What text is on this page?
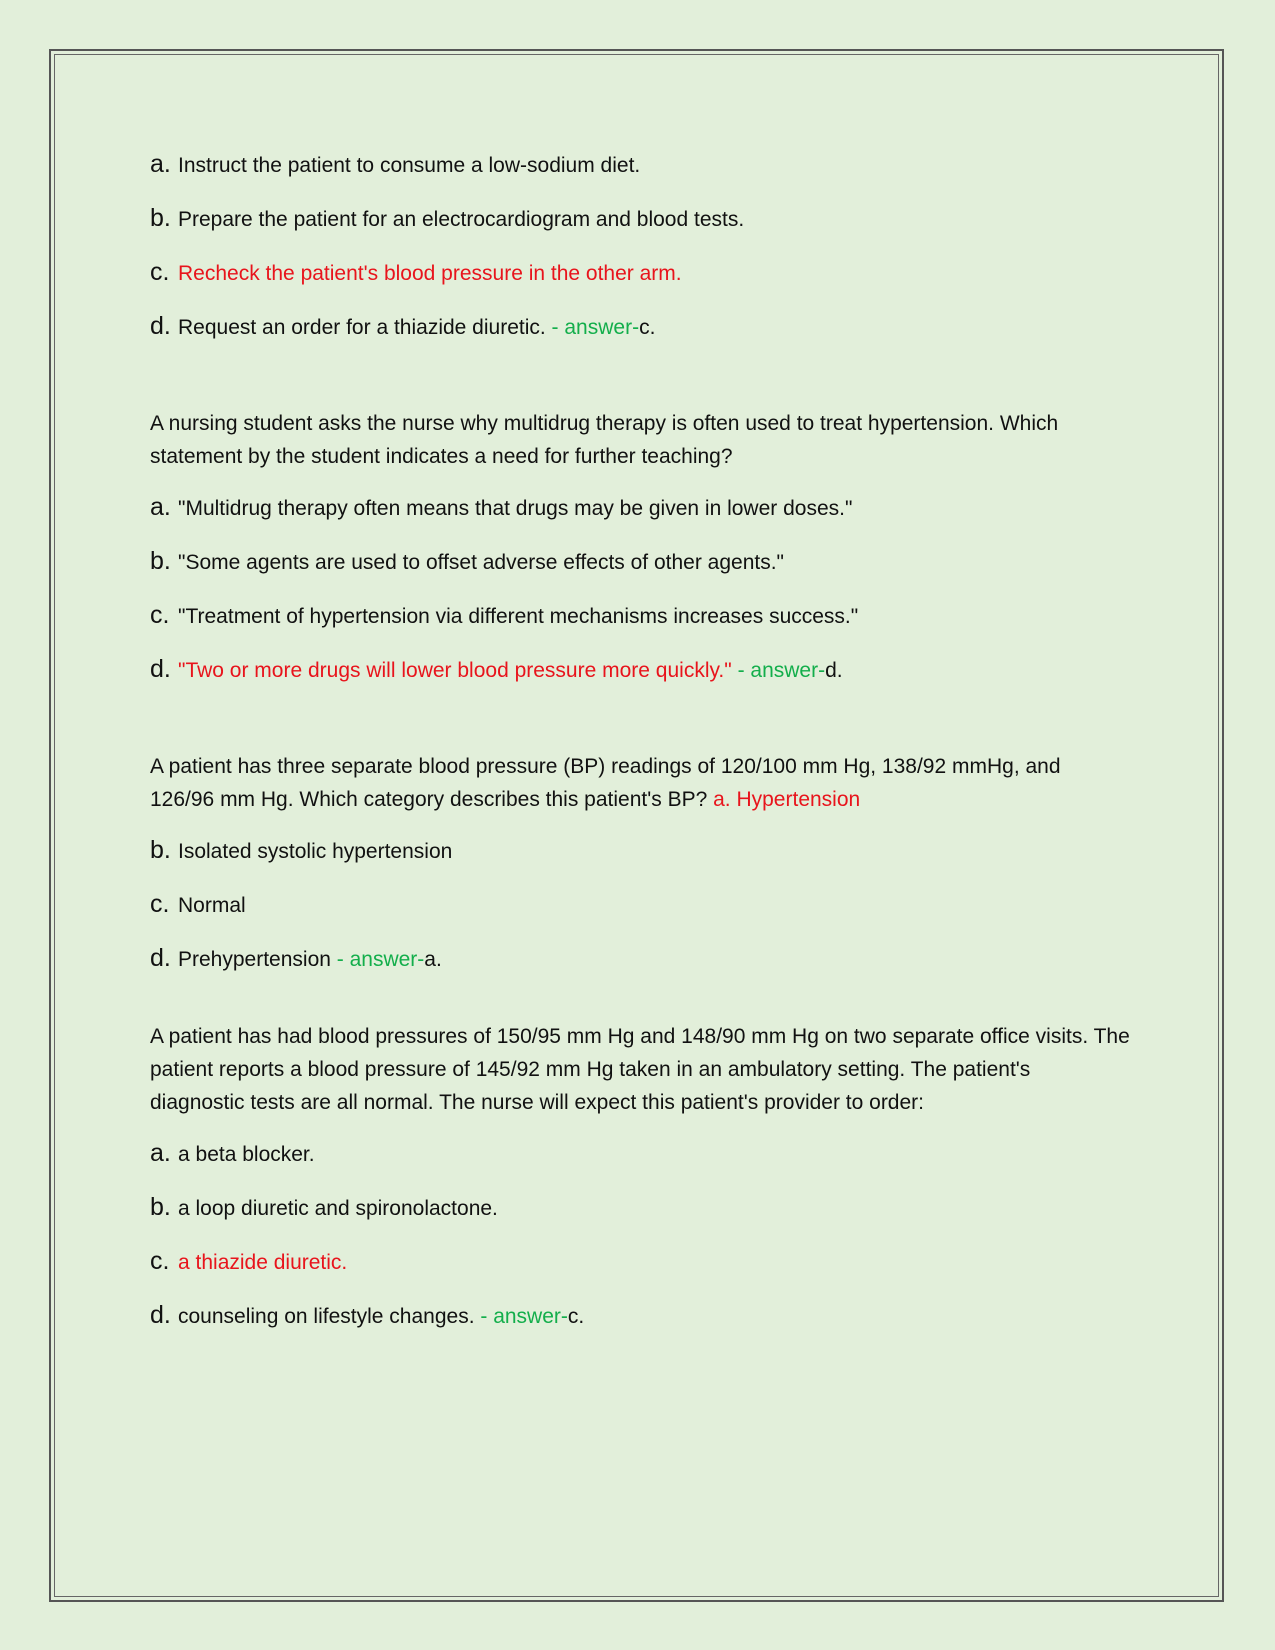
a. Instruct the patient to consume a low-sodium diet.
b. Prepare the patient for an electrocardiogram and blood tests.
c. Recheck the patient's blood pressure in the other arm.
d. Request an order for a thiazide diuretic. - answer-c.
A nursing student asks the nurse why multidrug therapy is often used to treat hypertension. Which statement by the student indicates a need for further teaching?
a. "Multidrug therapy often means that drugs may be given in lower doses."
b. "Some agents are used to offset adverse effects of other agents."
c. "Treatment of hypertension via different mechanisms increases success."
d. "Two or more drugs will lower blood pressure more quickly." - answer-d.
A patient has three separate blood pressure (BP) readings of 120/100 mm Hg, 138/92 mmHg, and 126/96 mm Hg. Which category describes this patient's BP? a. Hypertension
b. Isolated systolic hypertension
c. Normal
d. Prehypertension - answer-a.
A patient has had blood pressures of 150/95 mm Hg and 148/90 mm Hg on two separate office visits. The patient reports a blood pressure of 145/92 mm Hg taken in an ambulatory setting. The patient's diagnostic tests are all normal. The nurse will expect this patient's provider to order:
a. a beta blocker.
b. a loop diuretic and spironolactone.
c. a thiazide diuretic.
d. counseling on lifestyle changes. - answer-c.
